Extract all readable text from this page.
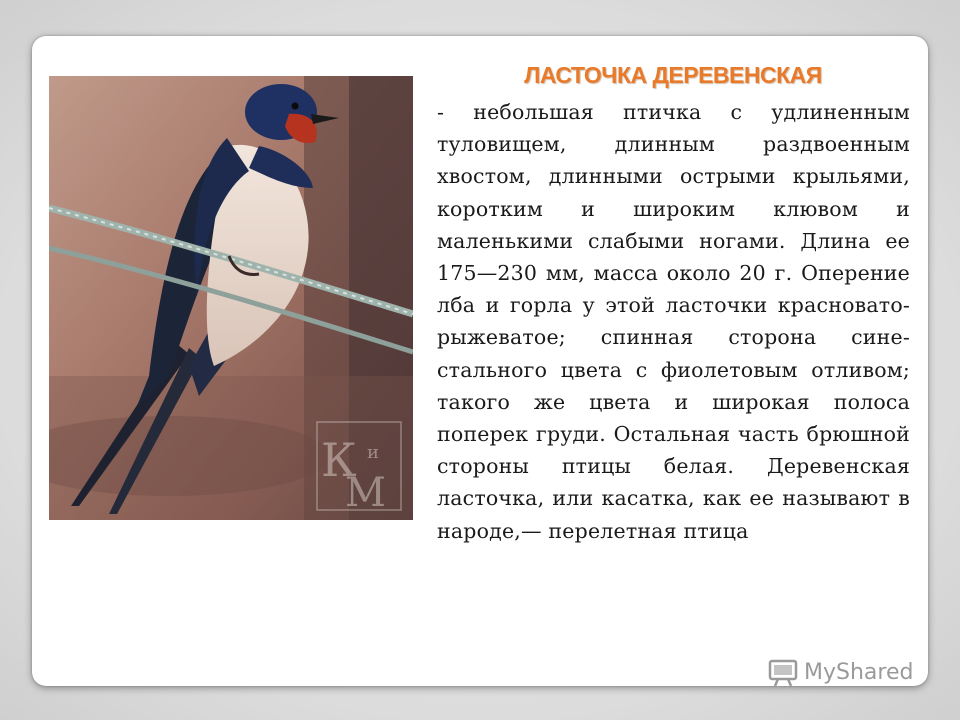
К и
М
ЛАСТОЧКА ДЕРЕВЕНСКАЯ
- небольшая птичка с удлиненным туловищем, длинным раздвоенным хвостом, длинными острыми крыльями, коротким и широким клювом и маленькими слабыми ногами. Длина ее 175—230 мм, масса около 20 г. Оперение лба и горла у этой ласточки красновато-рыжеватое; спинная сторона сине-стального цвета с фиолетовым отливом; такого же цвета и широкая полоса поперек груди. Остальная часть брюшной стороны птицы белая. Деревенская ласточка, или касатка, как ее называют в народе,— перелетная птица
MyShared
